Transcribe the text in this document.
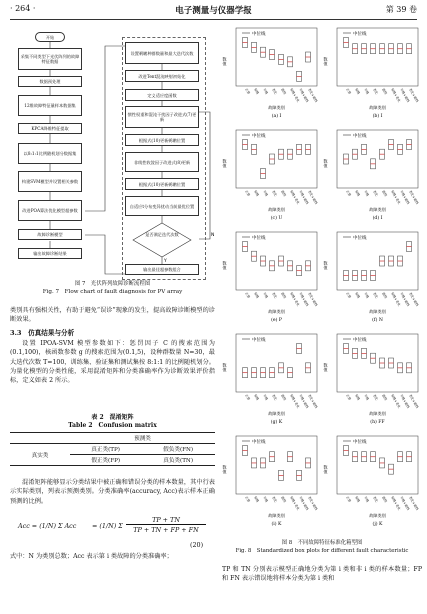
· 264 ·	电子测量与仪器学报	第 39 卷
Y
N
开始
采集不同类型下光伏阵列的故障特征数据
数据预处理
12维故障特征量样本数据集
KPCA降维特征提取
以8:1:1比例随机划分数据集
构建SVM模型并设置相关参数
改进POA算法优化模型超参数
故障诊断模型
输出故障诊断结果
设置鹈鹕种群数量和最大迭代次数
改进Tent混沌映射初始化
定义适应度函数
惯性权重和混沌干扰因子改进式(7)更新
根据式(10)更新鹈鹕位置
非线性收敛因子改进式(8)更新
根据式(10)更新鹈鹕位置
自适应t分布变异扰动当前最优位置
是否满足迭代次数
输出最佳超参数组合
图 7　光伏阵列故障诊断流程图
Fig. 7　Flow chart of fault diagnosis for PV array
类别具有强相关性，有助于避免“误诊”现象的发生，提高故障诊断模型的诊断效果。
3.3　仿真结果与分析
设置 IPOA-SVM 模型参数如下：惩罚因子 C 的搜索范围为(0.1,100)，核函数参数 g 的搜索范围为(0.1,5)，设种群数量 N=30，最大迭代次数 T=100，训练集、验证集和测试集按 8:1:1 的比例随机划分。为量化模型的分类性能，采用混淆矩阵和分类准确率作为诊断效果评价指标，定义如表 2 所示。
表 2　混淆矩阵
Table 2　Confusion matrix
	预测类	
真实类	真正类(TP)	假负类(FN)
	假正类(FP)	真负类(TN)
混淆矩阵能够显示分类结果中被正确和错误分类的样本数量，其中行表示实际类别，列表示预测类别。分类准确率(accuracy, Acc)表示样本正确预测的比例。
Acc = (1/N) Σ Acc = (1/N) Σ
TP + TN
TP + TN + FP + FN
(20)
式中：N 为类别总数；Acc 表示第 i 类故障的分类准确率；
中位线
数值
正常 短路 开路 老化 遮挡 短路+老化
开路+遮挡
老化+遮挡
故障类别
(a) I
中位线
数值
正常 短路 开路 老化 遮挡 短路+老化
开路+遮挡
老化+遮挡
故障类别
(b) I
中位线
数值
正常 短路 开路 老化 遮挡 短路+老化
开路+遮挡
老化+遮挡
故障类别
(c) U
中位线
数值
正常 短路 开路 老化 遮挡 短路+老化
开路+遮挡
老化+遮挡
故障类别
(d) I
中位线
数值
正常 短路 开路 老化 遮挡 短路+老化
开路+遮挡
老化+遮挡
故障类别
(e) P
中位线
数值
正常 短路 开路 老化 遮挡 短路+老化
开路+遮挡
老化+遮挡
故障类别
(f) N
中位线
数值
正常 短路 开路 老化 遮挡 短路+老化
开路+遮挡
老化+遮挡
故障类别
(g) K
中位线
数值
正常 短路 开路 老化 遮挡 短路+老化
开路+遮挡
老化+遮挡
故障类别
(h) FF
中位线
数值
正常 短路 开路 老化 遮挡 短路+老化
开路+遮挡
老化+遮挡
故障类别
(i) K
中位线
数值
正常 短路 开路 老化 遮挡 短路+老化
开路+遮挡
老化+遮挡
故障类别
(j) K
图 8　不同故障特征标准化箱型图
Fig. 8　Standardized box plots for different fault characteristic
TP 和 TN 分别表示模型正确地分类为第 i 类和非 i 类的样本数量；FP 和 FN 表示错误地将样本分类为第 i 类和
